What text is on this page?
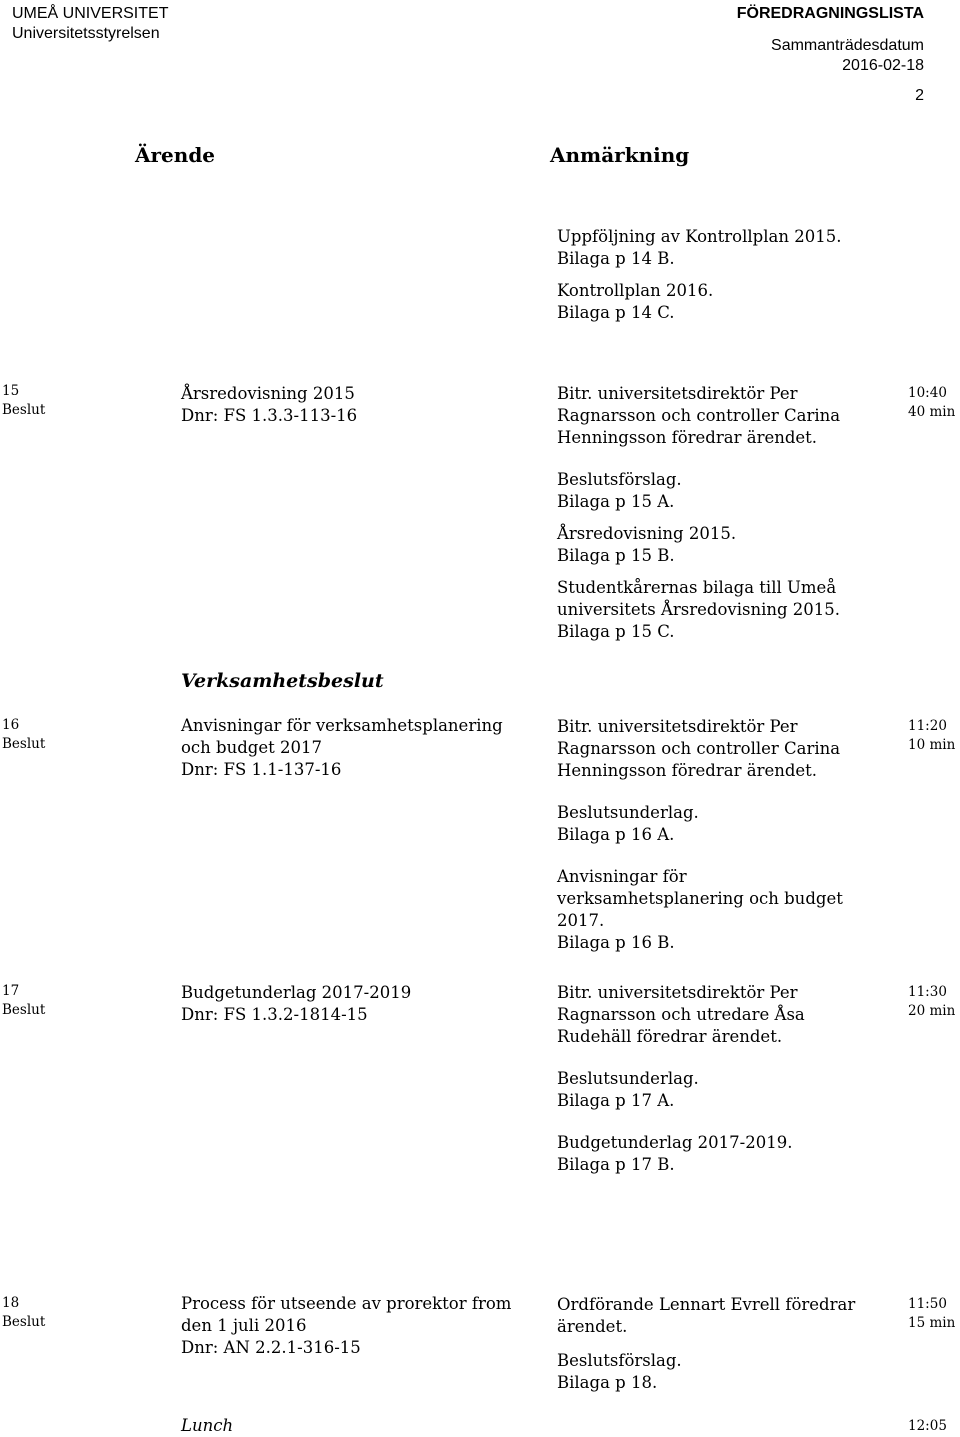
UMEÅ UNIVERSITET
Universitetsstyrelsen
FÖREDRAGNINGSLISTA
Sammanträdesdatum
2016-02-18
2
Ärende	Anmärkning
Uppföljning av Kontrollplan 2015.
Bilaga p 14 B.
Kontrollplan 2016.
Bilaga p 14 C.
15
Beslut
Årsredovisning 2015
Dnr: FS 1.3.3-113-16
Bitr. universitetsdirektör Per
Ragnarsson och controller Carina
Henningsson föredrar ärendet.
Beslutsförslag.
Bilaga p 15 A.
Årsredovisning 2015.
Bilaga p 15 B.
Studentkårernas bilaga till Umeå
universitets Årsredovisning 2015.
Bilaga p 15 C.
10:40
40 min
Verksamhetsbeslut
16
Beslut
Anvisningar för verksamhetsplanering
och budget 2017
Dnr: FS 1.1-137-16
Bitr. universitetsdirektör Per
Ragnarsson och controller Carina
Henningsson föredrar ärendet.
Beslutsunderlag.
Bilaga p 16 A.
Anvisningar för
verksamhetsplanering och budget
2017.
Bilaga p 16 B.
11:20
10 min
17
Beslut
Budgetunderlag 2017-2019
Dnr: FS 1.3.2-1814-15
Bitr. universitetsdirektör Per
Ragnarsson och utredare Åsa
Rudehäll föredrar ärendet.
Beslutsunderlag.
Bilaga p 17 A.
Budgetunderlag 2017-2019.
Bilaga p 17 B.
11:30
20 min
18
Beslut
Process för utseende av prorektor from
den 1 juli 2016
Dnr: AN 2.2.1-316-15
Ordförande Lennart Evrell föredrar
ärendet.
Beslutsförslag.
Bilaga p 18.
11:50
15 min
Lunch	12:05
